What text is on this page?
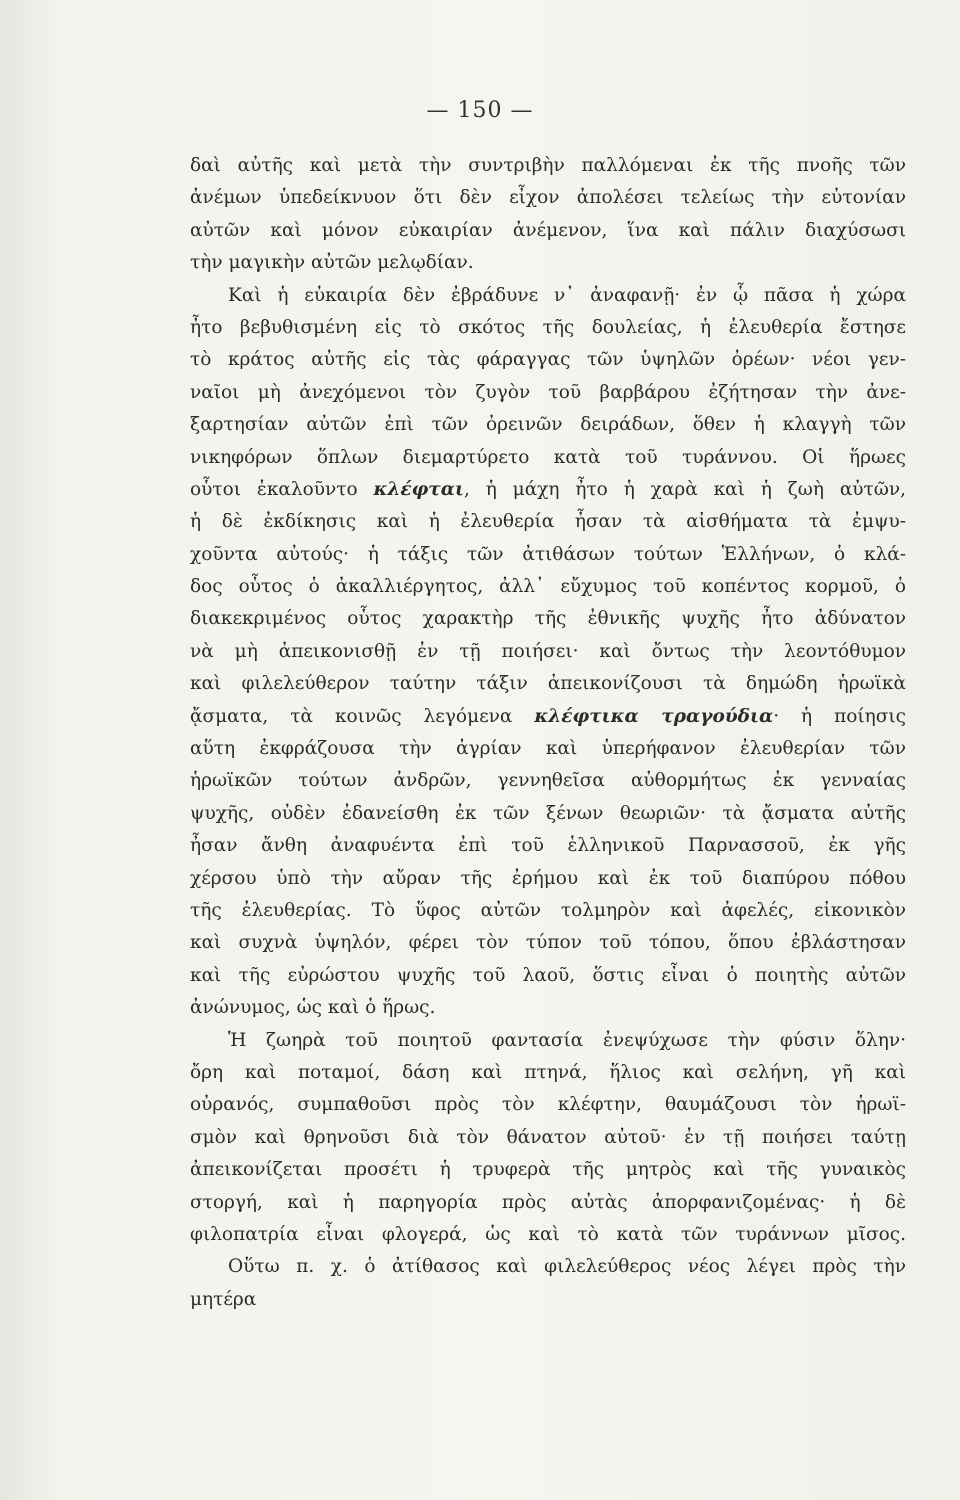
— 150 —
δαὶ αὐτῆς καὶ μετὰ τὴν συντριβὴν παλλόμεναι ἐκ τῆς πνοῆς τῶν
ἀνέμων ὑπεδείκνυον ὅτι δὲν εἶχον ἀπολέσει τελείως τὴν εὐτονίαν
αὐτῶν καὶ μόνον εὐκαιρίαν ἀνέμενον, ἵνα καὶ πάλιν διαχύσωσι
τὴν μαγικὴν αὐτῶν μελῳδίαν.
Καὶ ἡ εὐκαιρία δὲν ἐβράδυνε ν᾽ ἀναφανῇ· ἐν ᾧ πᾶσα ἡ χώρα
ἦτο βεβυθισμένη εἰς τὸ σκότος τῆς δουλείας, ἡ ἐλευθερία ἔστησε
τὸ κράτος αὐτῆς εἰς τὰς φάραγγας τῶν ὑψηλῶν ὀρέων· νέοι γεν-
ναῖοι μὴ ἀνεχόμενοι τὸν ζυγὸν τοῦ βαρβάρου ἐζήτησαν τὴν ἀνε-
ξαρτησίαν αὐτῶν ἐπὶ τῶν ὀρεινῶν δειράδων, ὅθεν ἡ κλαγγὴ τῶν
νικηφόρων ὅπλων διεμαρτύρετο κατὰ τοῦ τυράννου. Οἱ ἥρωες
οὗτοι ἐκαλοῦντο κλέφται, ἡ μάχη ἦτο ἡ χαρὰ καὶ ἡ ζωὴ αὐτῶν,
ἡ δὲ ἐκδίκησις καὶ ἡ ἐλευθερία ἦσαν τὰ αἰσθήματα τὰ ἐμψυ-
χοῦντα αὐτούς· ἡ τάξις τῶν ἀτιθάσων τούτων Ἑλλήνων, ὁ κλά-
δος οὗτος ὁ ἀκαλλιέργητος, ἀλλ᾽ εὔχυμος τοῦ κοπέντος κορμοῦ, ὁ
διακεκριμένος οὗτος χαρακτὴρ τῆς ἐθνικῆς ψυχῆς ἦτο ἀδύνατον
νὰ μὴ ἀπεικονισθῇ ἐν τῇ ποιήσει· καὶ ὄντως τὴν λεοντόθυμον
καὶ φιλελεύθερον ταύτην τάξιν ἀπεικονίζουσι τὰ δημώδη ἡρωϊκὰ
ᾄσματα, τὰ κοινῶς λεγόμενα κλέφτικα τραγούδια· ἡ ποίησις
αὕτη ἐκφράζουσα τὴν ἀγρίαν καὶ ὑπερήφανον ἐλευθερίαν τῶν
ἡρωϊκῶν τούτων ἀνδρῶν, γεννηθεῖσα αὐθορμήτως ἐκ γενναίας
ψυχῆς, οὐδὲν ἐδανείσθη ἐκ τῶν ξένων θεωριῶν· τὰ ᾄσματα αὐτῆς
ἦσαν ἄνθη ἀναφυέντα ἐπὶ τοῦ ἑλληνικοῦ Παρνασσοῦ, ἐκ γῆς
χέρσου ὑπὸ τὴν αὔραν τῆς ἐρήμου καὶ ἐκ τοῦ διαπύρου πόθου
τῆς ἐλευθερίας. Τὸ ὕφος αὐτῶν τολμηρὸν καὶ ἀφελές, εἰκονικὸν
καὶ συχνὰ ὑψηλόν, φέρει τὸν τύπον τοῦ τόπου, ὅπου ἐβλάστησαν
καὶ τῆς εὐρώστου ψυχῆς τοῦ λαοῦ, ὅστις εἶναι ὁ ποιητὴς αὐτῶν
ἀνώνυμος, ὡς καὶ ὁ ἥρως.
Ἡ ζωηρὰ τοῦ ποιητοῦ φαντασία ἐνεψύχωσε τὴν φύσιν ὅλην·
ὄρη καὶ ποταμοί, δάση καὶ πτηνά, ἥλιος καὶ σελήνη, γῆ καὶ
οὐρανός, συμπαθοῦσι πρὸς τὸν κλέφτην, θαυμάζουσι τὸν ἡρωϊ-
σμὸν καὶ θρηνοῦσι διὰ τὸν θάνατον αὐτοῦ· ἐν τῇ ποιήσει ταύτῃ
ἀπεικονίζεται προσέτι ἡ τρυφερὰ τῆς μητρὸς καὶ τῆς γυναικὸς
στοργή, καὶ ἡ παρηγορία πρὸς αὐτὰς ἀπορφανιζομένας· ἡ δὲ
φιλοπατρία εἶναι φλογερά, ὡς καὶ τὸ κατὰ τῶν τυράννων μῖσος.
Οὕτω π. χ. ὁ ἀτίθασος καὶ φιλελεύθερος νέος λέγει πρὸς τὴν
μητέρα
